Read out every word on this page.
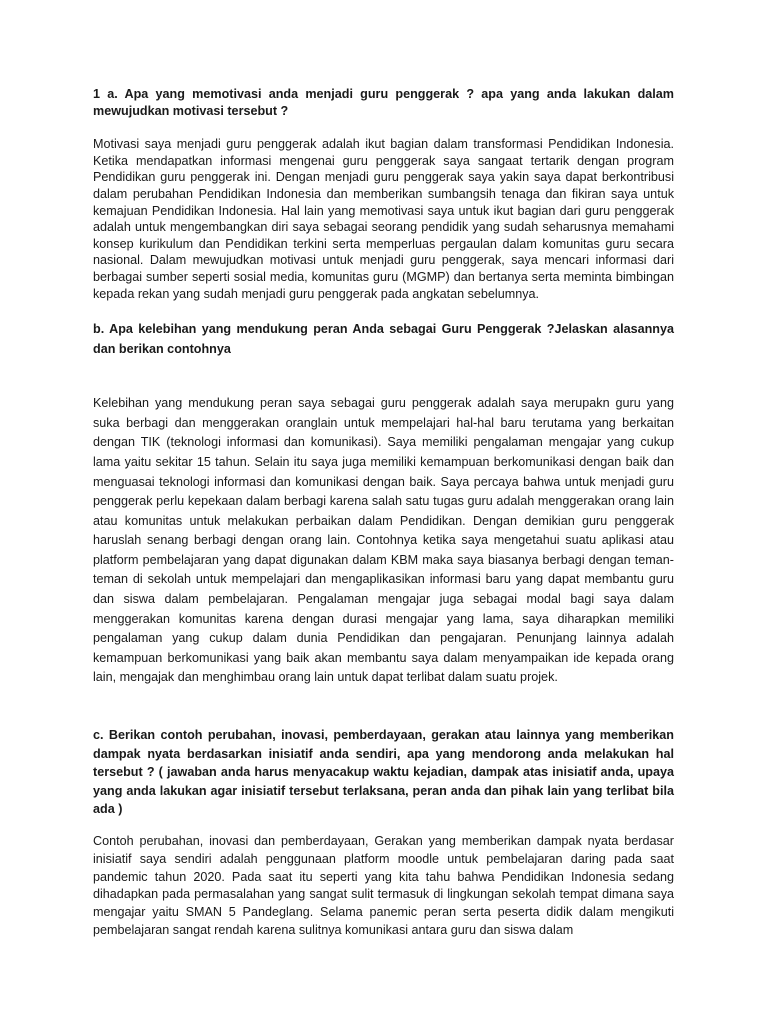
1 a. Apa yang memotivasi anda menjadi guru penggerak ? apa yang anda lakukan dalam mewujudkan motivasi tersebut ?

Motivasi saya menjadi guru penggerak adalah ikut bagian dalam transformasi Pendidikan Indonesia. Ketika mendapatkan informasi mengenai guru penggerak saya sangaat tertarik dengan program Pendidikan guru penggerak ini. Dengan menjadi guru penggerak saya yakin saya dapat berkontribusi dalam perubahan Pendidikan Indonesia dan memberikan sumbangsih tenaga dan fikiran saya untuk kemajuan Pendidikan Indonesia. Hal lain yang memotivasi saya untuk ikut bagian dari guru penggerak adalah untuk mengembangkan diri saya sebagai seorang pendidik yang sudah seharusnya memahami konsep kurikulum dan Pendidikan terkini serta memperluas pergaulan dalam komunitas guru secara nasional. Dalam mewujudkan motivasi untuk menjadi guru penggerak, saya mencari informasi dari berbagai sumber seperti sosial media, komunitas guru (MGMP) dan bertanya serta meminta bimbingan kepada rekan yang sudah menjadi guru penggerak pada angkatan sebelumnya.

b. Apa kelebihan yang mendukung peran Anda sebagai Guru Penggerak ?Jelaskan alasannya dan berikan contohnya

Kelebihan yang mendukung peran saya sebagai guru penggerak adalah saya merupakn guru yang suka berbagi dan menggerakan oranglain untuk mempelajari hal-hal baru terutama yang berkaitan dengan TIK (teknologi informasi dan komunikasi). Saya memiliki pengalaman mengajar yang cukup lama yaitu sekitar 15 tahun. Selain itu saya juga memiliki kemampuan berkomunikasi dengan baik dan menguasai teknologi informasi dan komunikasi dengan baik. Saya percaya bahwa untuk menjadi guru penggerak perlu kepekaan dalam berbagi karena salah satu tugas guru adalah menggerakan orang lain atau komunitas untuk melakukan perbaikan dalam Pendidikan. Dengan demikian guru penggerak haruslah senang berbagi dengan orang lain. Contohnya ketika saya mengetahui suatu aplikasi atau platform pembelajaran yang dapat digunakan dalam KBM maka saya biasanya berbagi dengan teman-teman di sekolah untuk mempelajari dan mengaplikasikan informasi baru yang dapat membantu guru dan siswa dalam pembelajaran. Pengalaman mengajar juga sebagai modal bagi saya dalam menggerakan komunitas karena dengan durasi mengajar yang lama, saya diharapkan memiliki pengalaman yang cukup dalam dunia Pendidikan dan pengajaran. Penunjang lainnya adalah kemampuan berkomunikasi yang baik akan membantu saya dalam menyampaikan ide kepada orang lain, mengajak dan menghimbau orang lain untuk dapat terlibat dalam suatu projek.

c. Berikan contoh perubahan, inovasi, pemberdayaan, gerakan atau lainnya yang memberikan dampak nyata berdasarkan inisiatif anda sendiri, apa yang mendorong anda melakukan hal tersebut ? ( jawaban anda harus menyacakup waktu kejadian, dampak atas inisiatif anda, upaya yang anda lakukan agar inisiatif tersebut terlaksana, peran anda dan pihak lain yang terlibat bila ada )

Contoh perubahan, inovasi dan pemberdayaan, Gerakan yang memberikan dampak nyata berdasar inisiatif saya sendiri adalah penggunaan platform moodle untuk pembelajaran daring pada saat pandemic tahun 2020. Pada saat itu seperti yang kita tahu bahwa Pendidikan Indonesia sedang dihadapkan pada permasalahan yang sangat sulit termasuk di lingkungan sekolah tempat dimana saya mengajar yaitu SMAN 5 Pandeglang. Selama panemic peran serta peserta didik dalam mengikuti pembelajaran sangat rendah karena sulitnya komunikasi antara guru dan siswa dalam
